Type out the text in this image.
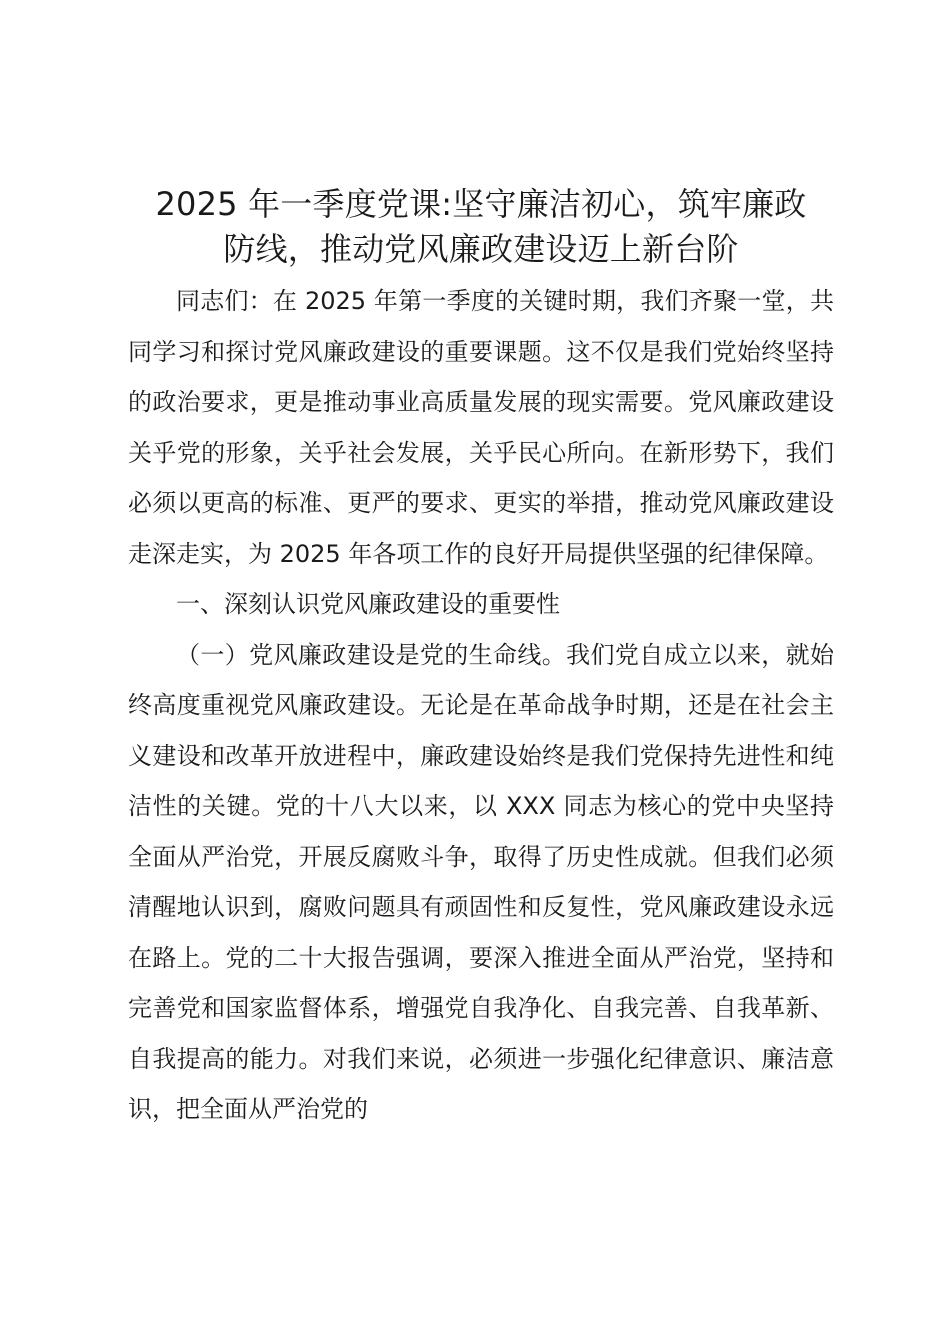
2025 年一季度党课:坚守廉洁初心，筑牢廉政
防线，推动党风廉政建设迈上新台阶

同志们：在 2025 年第一季度的关键时期，我们齐聚一堂，共同学习和探讨党风廉政建设的重要课题。这不仅是我们党始终坚持的政治要求，更是推动事业高质量发展的现实需要。党风廉政建设关乎党的形象，关乎社会发展，关乎民心所向。在新形势下，我们必须以更高的标准、更严的要求、更实的举措，推动党风廉政建设走深走实，为 2025 年各项工作的良好开局提供坚强的纪律保障。

一、深刻认识党风廉政建设的重要性

（一）党风廉政建设是党的生命线。我们党自成立以来，就始终高度重视党风廉政建设。无论是在革命战争时期，还是在社会主义建设和改革开放进程中，廉政建设始终是我们党保持先进性和纯洁性的关键。党的十八大以来，以 XXX 同志为核心的党中央坚持全面从严治党，开展反腐败斗争，取得了历史性成就。但我们必须清醒地认识到，腐败问题具有顽固性和反复性，党风廉政建设永远在路上。党的二十大报告强调，要深入推进全面从严治党，坚持和完善党和国家监督体系，增强党自我净化、自我完善、自我革新、自我提高的能力。对我们来说，必须进一步强化纪律意识、廉洁意识，把全面从严治党的
